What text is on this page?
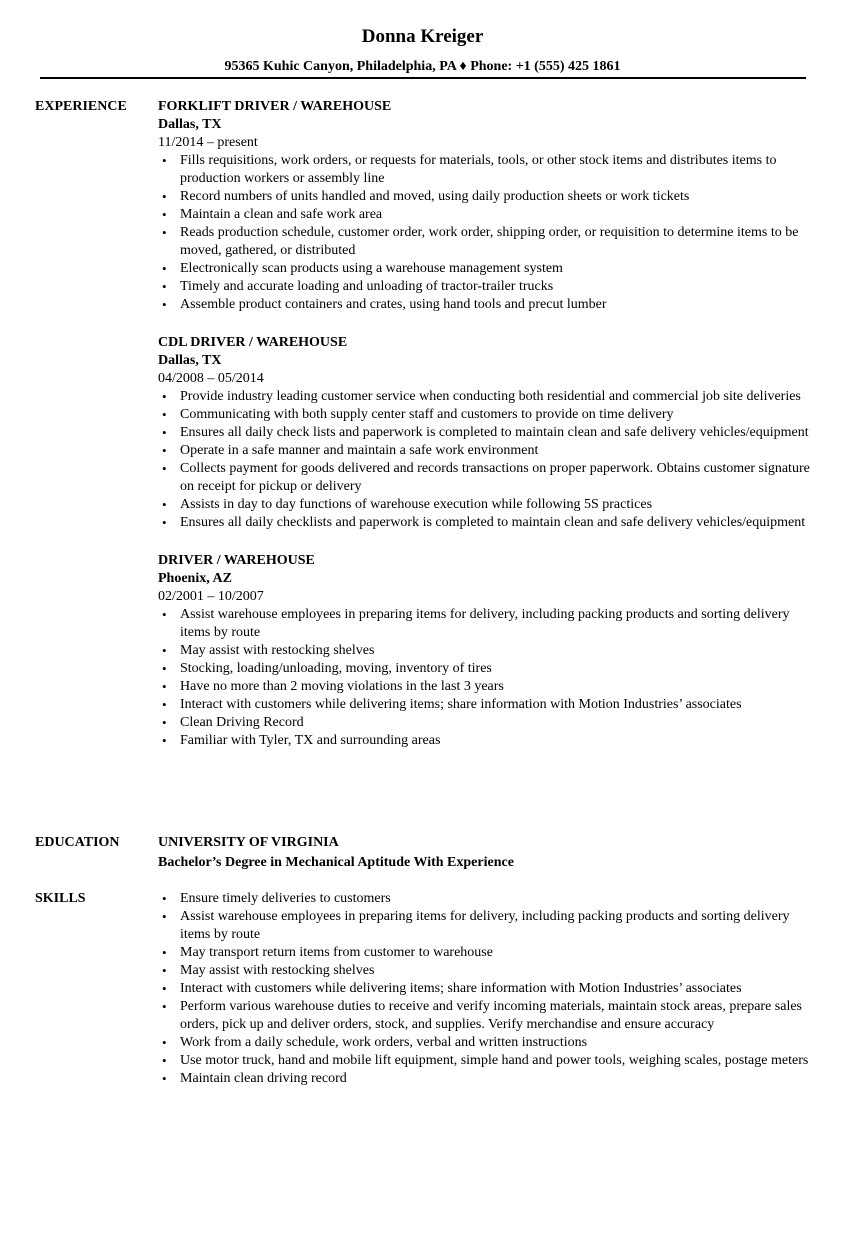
Donna Kreiger
95365 Kuhic Canyon, Philadelphia, PA ♦ Phone: +1 (555) 425 1861
EXPERIENCE FORKLIFT DRIVER / WAREHOUSE
Dallas, TX
11/2014 – present
• Fills requisitions, work orders, or requests for materials, tools, or other stock items and distributes items to production workers or assembly line
• Record numbers of units handled and moved, using daily production sheets or work tickets
• Maintain a clean and safe work area
• Reads production schedule, customer order, work order, shipping order, or requisition to determine items to be moved, gathered, or distributed
• Electronically scan products using a warehouse management system
• Timely and accurate loading and unloading of tractor-trailer trucks
• Assemble product containers and crates, using hand tools and precut lumber
CDL DRIVER / WAREHOUSE
Dallas, TX
04/2008 – 05/2014
• Provide industry leading customer service when conducting both residential and commercial job site deliveries
• Communicating with both supply center staff and customers to provide on time delivery
• Ensures all daily check lists and paperwork is completed to maintain clean and safe delivery vehicles/equipment
• Operate in a safe manner and maintain a safe work environment
• Collects payment for goods delivered and records transactions on proper paperwork. Obtains customer signature on receipt for pickup or delivery
• Assists in day to day functions of warehouse execution while following 5S practices
• Ensures all daily checklists and paperwork is completed to maintain clean and safe delivery vehicles/equipment
DRIVER / WAREHOUSE
Phoenix, AZ
02/2001 – 10/2007
• Assist warehouse employees in preparing items for delivery, including packing products and sorting delivery items by route
• May assist with restocking shelves
• Stocking, loading/unloading, moving, inventory of tires
• Have no more than 2 moving violations in the last 3 years
• Interact with customers while delivering items; share information with Motion Industries’ associates
• Clean Driving Record
• Familiar with Tyler, TX and surrounding areas
EDUCATION	UNIVERSITY OF VIRGINIA
Bachelor’s Degree in Mechanical Aptitude With Experience
SKILLS	• Ensure timely deliveries to customers
• Assist warehouse employees in preparing items for delivery, including packing products and sorting delivery items by route
• May transport return items from customer to warehouse
• May assist with restocking shelves
• Interact with customers while delivering items; share information with Motion Industries’ associates
• Perform various warehouse duties to receive and verify incoming materials, maintain stock areas, prepare sales orders, pick up and deliver orders, stock, and supplies. Verify merchandise and ensure accuracy
• Work from a daily schedule, work orders, verbal and written instructions
• Use motor truck, hand and mobile lift equipment, simple hand and power tools, weighing scales, postage meters
• Maintain clean driving record
